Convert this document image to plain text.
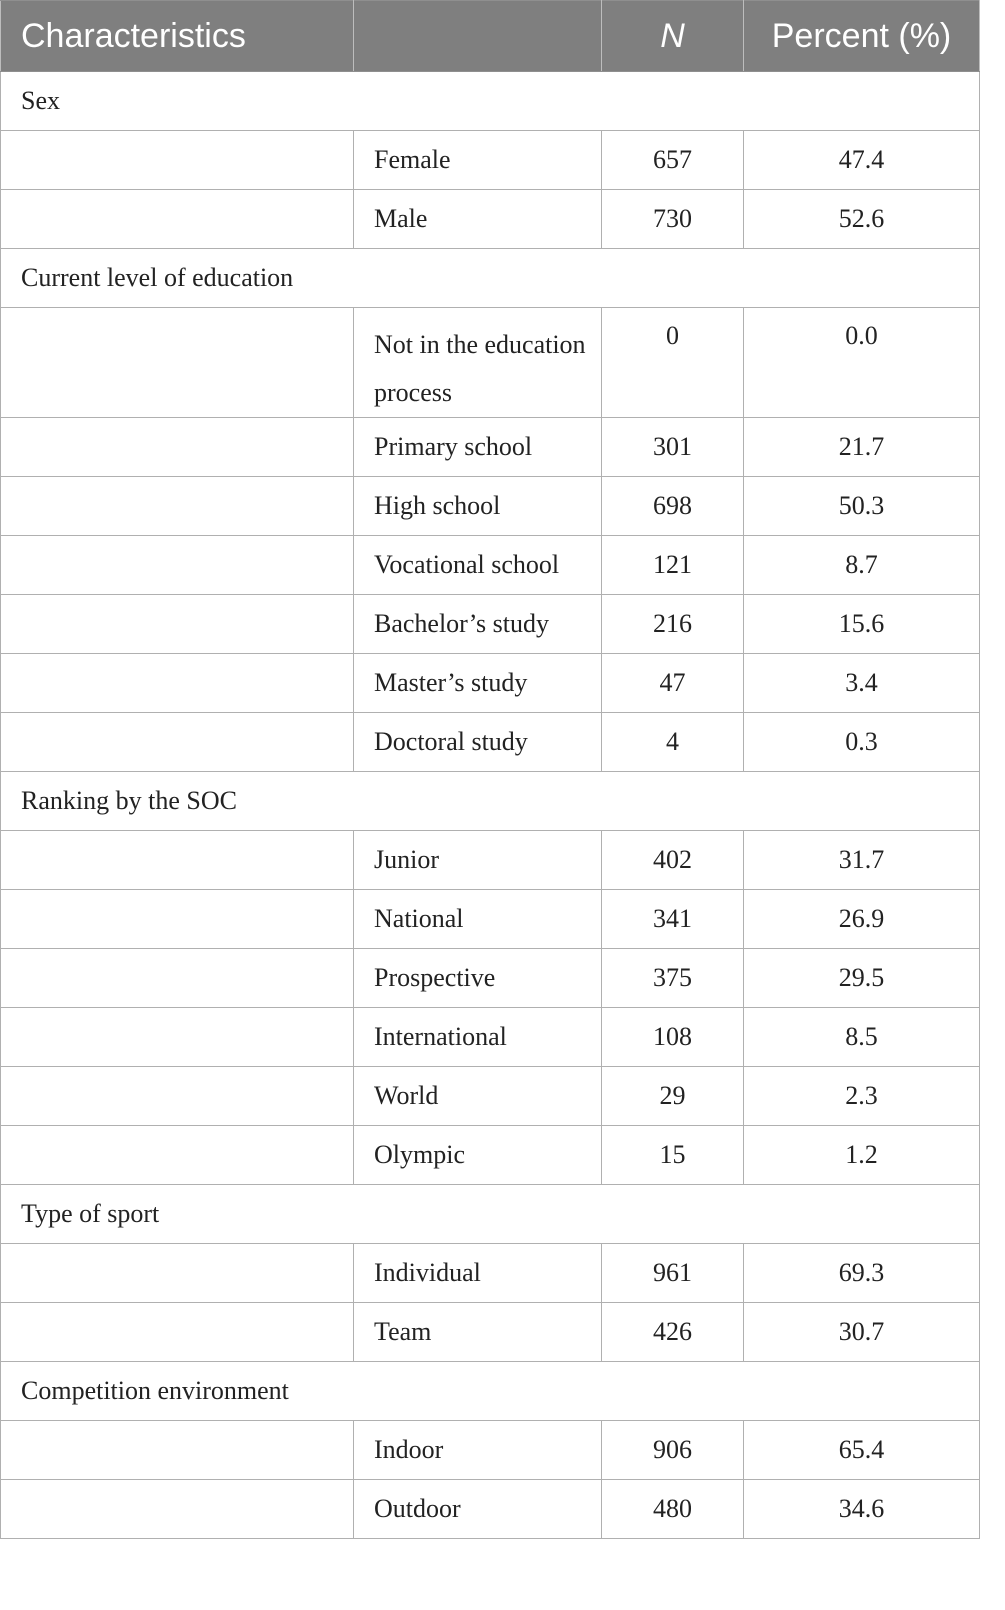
Characteristics		N	Percent (%)
Sex			
	Female	657	47.4
	Male	730	52.6
Current level of education			
	Not in the education process	0	0.0
	Primary school	301	21.7
	High school	698	50.3
	Vocational school	121	8.7
	Bachelor’s study	216	15.6
	Master’s study	47	3.4
	Doctoral study	4	0.3
Ranking by the SOC			
	Junior	402	31.7
	National	341	26.9
	Prospective	375	29.5
	International	108	8.5
	World	29	2.3
	Olympic	15	1.2
Type of sport			
	Individual	961	69.3
	Team	426	30.7
Competition environment			
	Indoor	906	65.4
	Outdoor	480	34.6
